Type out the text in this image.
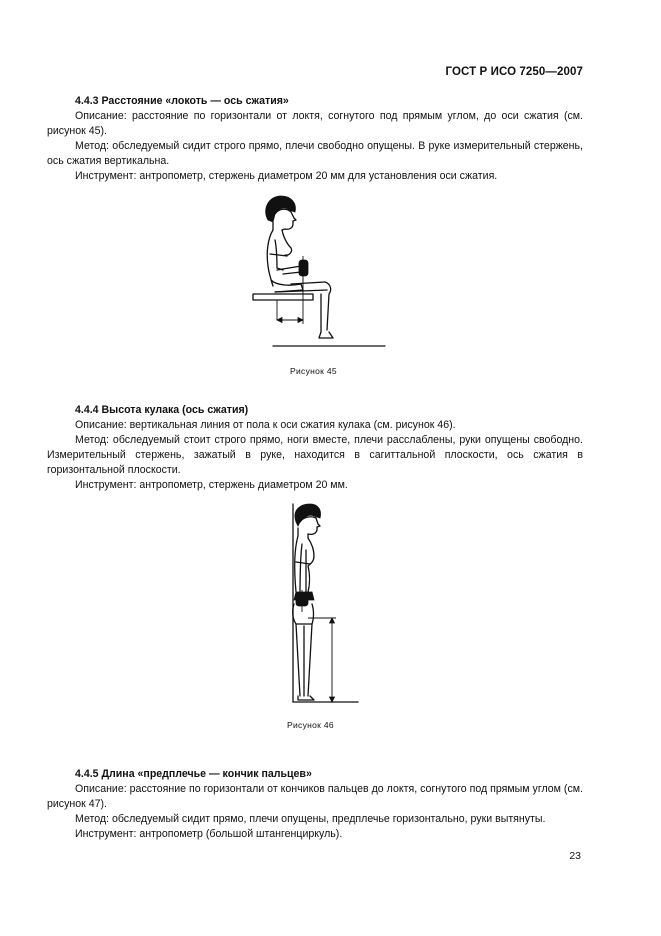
ГОСТ Р ИСО 7250—2007

4.4.3 Расстояние «локоть — ось сжатия»

Описание: расстояние по горизонтали от локтя, согнутого под прямым углом, до оси сжатия (см. рисунок 45).

Метод: обследуемый сидит строго прямо, плечи свободно опущены. В руке измерительный стержень, ось сжатия вертикальна.

Инструмент: антропометр, стержень диаметром 20 мм для установления оси сжатия.

Рисунок 45

4.4.4 Высота кулака (ось сжатия)

Описание: вертикальная линия от пола к оси сжатия кулака (см. рисунок 46).

Метод: обследуемый стоит строго прямо, ноги вместе, плечи расслаблены, руки опущены свободно. Измерительный стержень, зажатый в руке, находится в сагиттальной плоскости, ось сжатия в горизонтальной плоскости.

Инструмент: антропометр, стержень диаметром 20 мм.

Рисунок 46

4.4.5 Длина «предплечье — кончик пальцев»

Описание: расстояние по горизонтали от кончиков пальцев до локтя, согнутого под прямым углом (см. рисунок 47).

Метод: обследуемый сидит прямо, плечи опущены, предплечье горизонтально, руки вытянуты.

Инструмент: антропометр (большой штангенциркуль).

23
